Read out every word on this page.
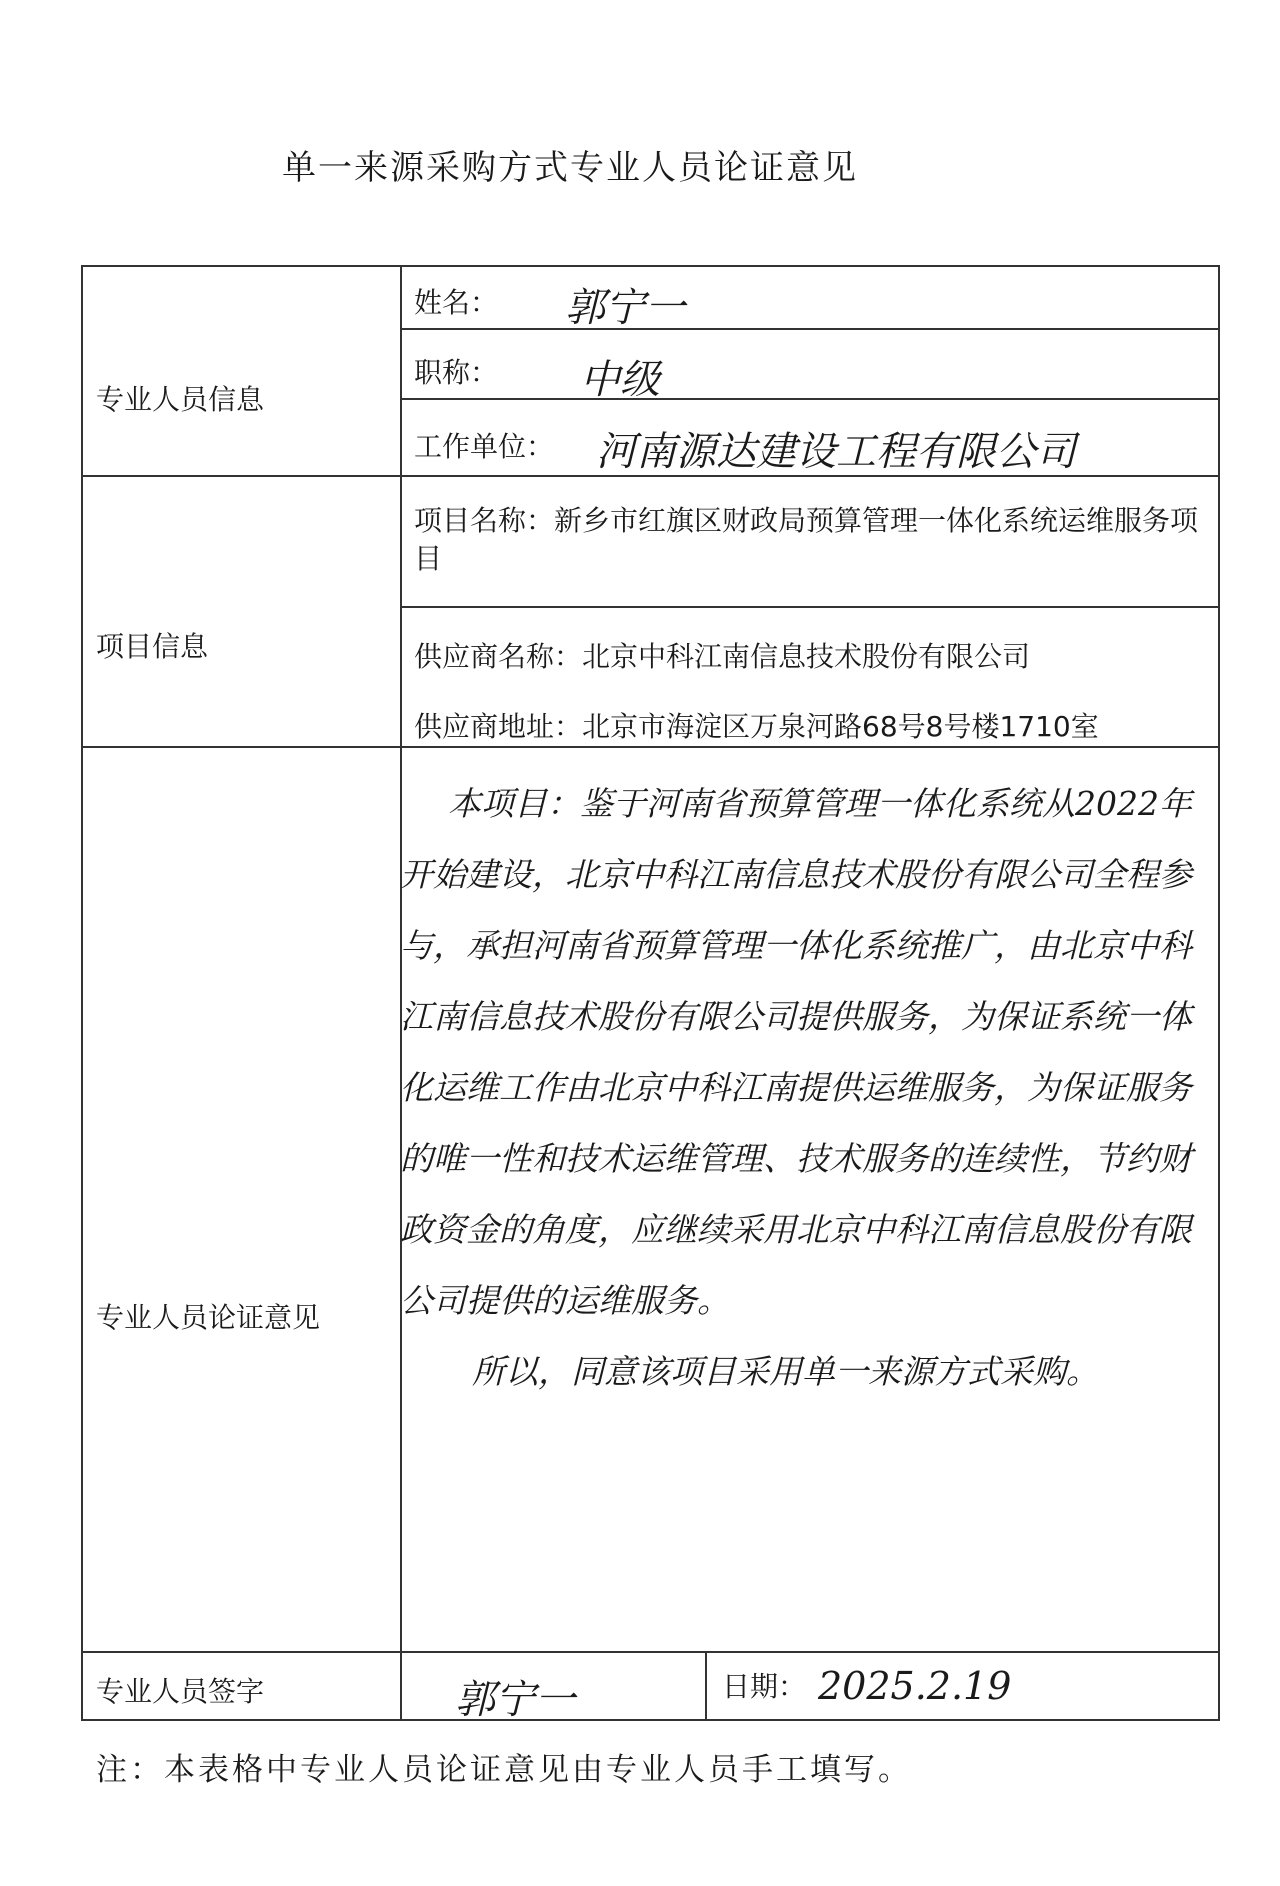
单一来源采购方式专业人员论证意见
专业人员信息
项目信息
专业人员论证意见
专业人员签字
姓名： 郭宁一
职称： 中级
工作单位： 河南源达建设工程有限公司
项目名称：新乡市红旗区财政局预算管理一体化系统运维服务项目
供应商名称：北京中科江南信息技术股份有限公司
供应商地址：北京市海淀区万泉河路68号8号楼1710室

本项目：鉴于河南省预算管理一体化系统从2022年开始建设，北京中科江南信息技术股份有限公司全程参与，承担河南省预算管理一体化系统推广，由北京中科江南信息技术股份有限公司提供服务，为保证系统一体化运维工作由北京中科江南提供运维服务，为保证服务的唯一性和技术运维管理、技术服务的连续性，节约财政资金的角度，应继续采用北京中科江南信息股份有限公司提供的运维服务。

所以，同意该项目采用单一来源方式采购。

郭宁一	日期： 2025.2.19
注：本表格中专业人员论证意见由专业人员手工填写。
